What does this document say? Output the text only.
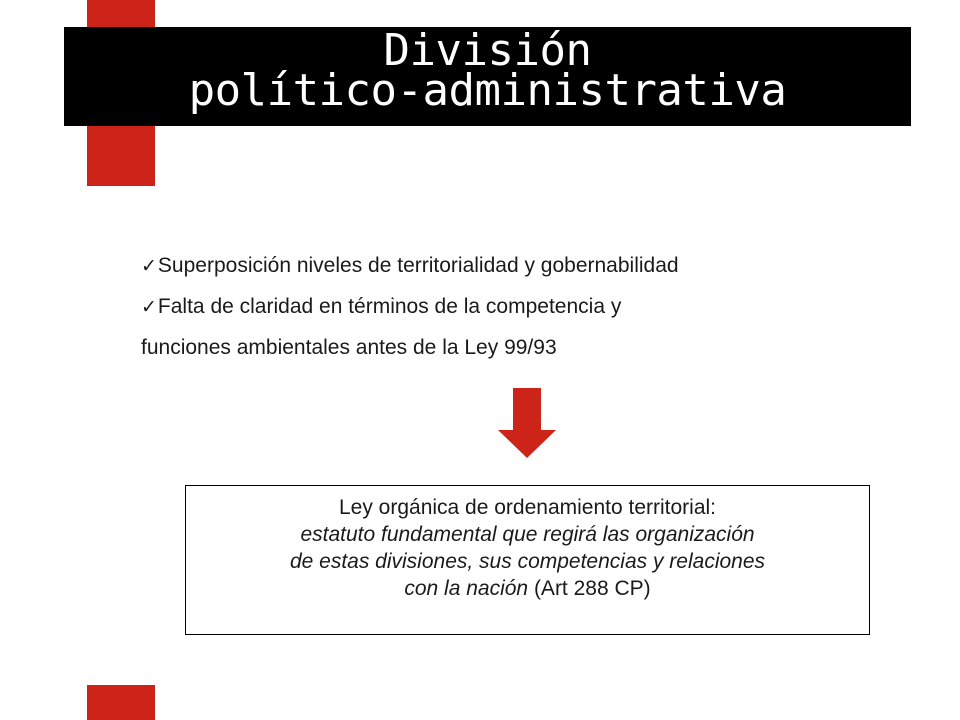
División
político-administrativa
✓Superposición niveles de territorialidad y gobernabilidad
✓Falta de claridad en términos de la competencia y
funciones ambientales antes de la Ley 99/93
Ley orgánica de ordenamiento territorial:
estatuto fundamental que regirá las organización
de estas divisiones, sus competencias y relaciones
con la nación (Art 288 CP)
